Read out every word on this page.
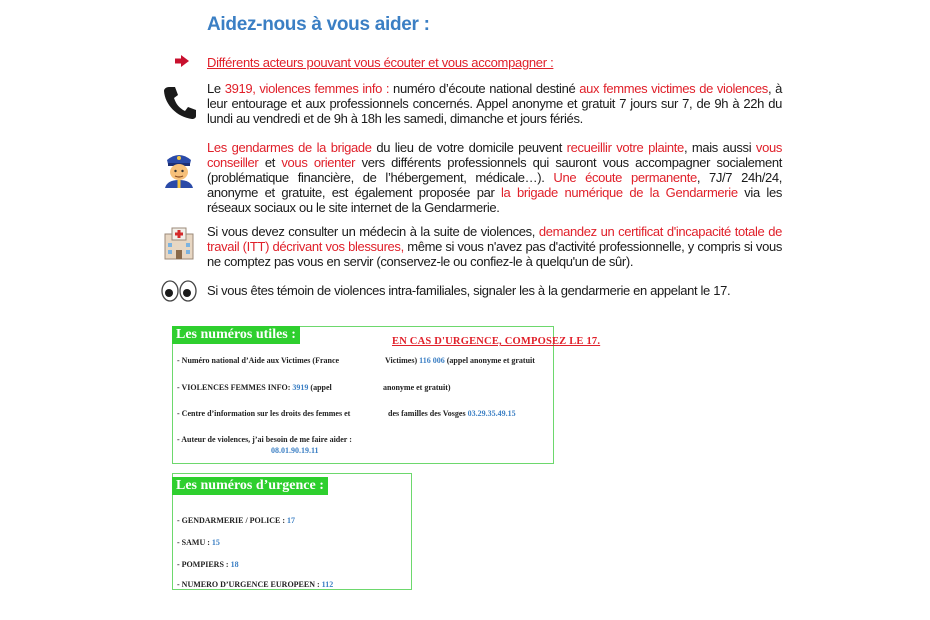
Aidez-nous à vous aider :
Différents acteurs pouvant vous écouter et vous accompagner :
Le 3919, violences femmes info : numéro d’écoute national destiné aux femmes victimes de violences, à leur entourage et aux professionnels concernés. Appel anonyme et gratuit 7 jours sur 7, de 9h à 22h du lundi au vendredi et de 9h à 18h les samedi, dimanche et jours fériés.
Les gendarmes de la brigade du lieu de votre domicile peuvent recueillir votre plainte, mais aussi vous conseiller et vous orienter vers différents professionnels qui sauront vous accompagner socialement (problématique financière, de l’hébergement, médicale…). Une écoute permanente, 7J/7 24h/24, anonyme et gratuite, est également proposée par la brigade numérique de la Gendarmerie via les réseaux sociaux ou le site internet de la Gendarmerie.
Si vous devez consulter un médecin à la suite de violences, demandez un certificat d'incapacité totale de travail (ITT) décrivant vos blessures, même si vous n'avez pas d'activité professionnelle, y compris si vous ne comptez pas vous en servir (conservez-le ou confiez-le à quelqu'un de sûr).
Si vous êtes témoin de violences intra-familiales, signaler les à la gendarmerie en appelant le 17.
Les numéros utiles :	EN CAS D'URGENCE, COMPOSEZ LE 17.
- Numéro national d’Aide aux Victimes (France	Victimes) 116 006 (appel anonyme et gratuit
- VIOLENCES FEMMES INFO: 3919 (appel	anonyme et gratuit)
- Centre d’information sur les droits des femmes et	des familles des Vosges 03.29.35.49.15
- Auteur de violences, j’ai besoin de me faire aider :
08.01.90.19.11
Les numéros d’urgence :
- GENDARMERIE / POLICE : 17
- SAMU : 15
- POMPIERS : 18
- NUMERO D’URGENCE EUROPEEN : 112
